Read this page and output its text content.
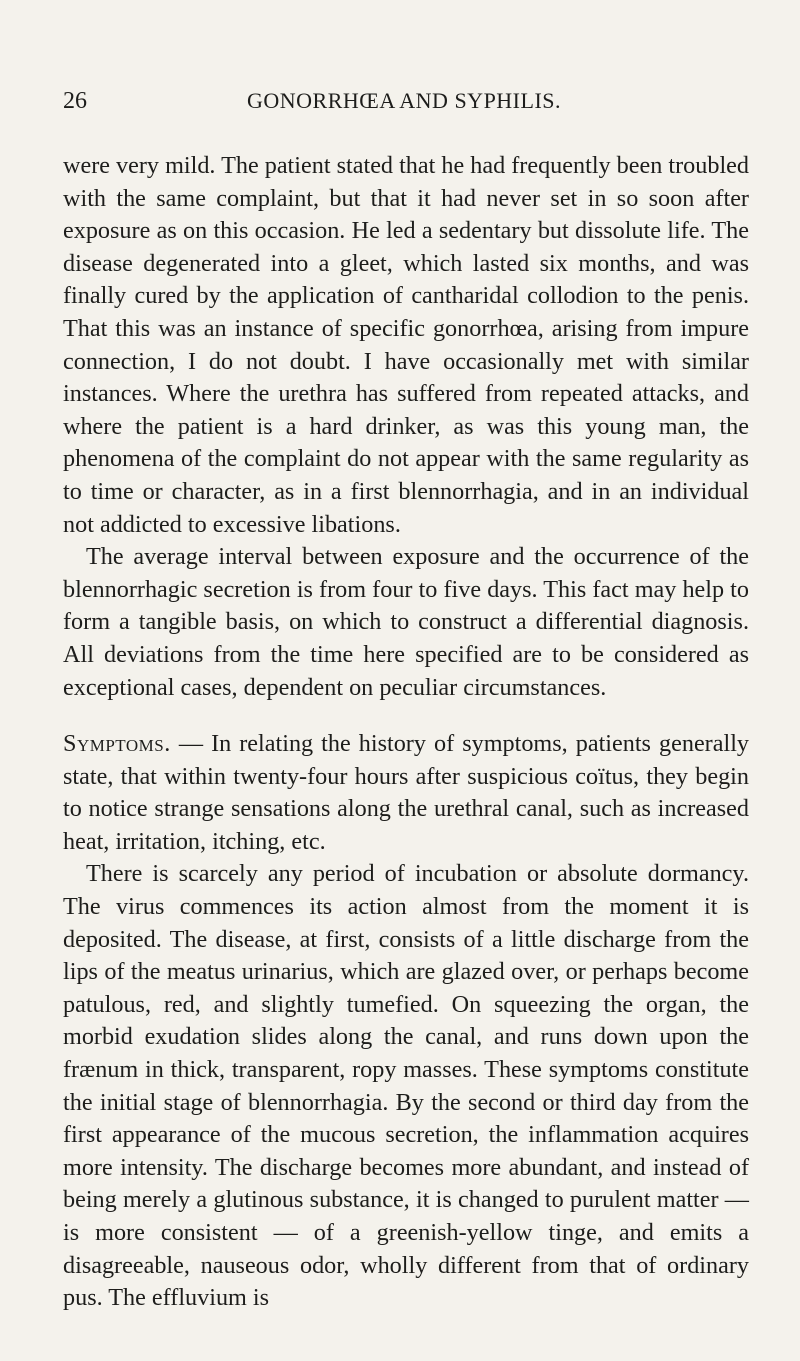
26	GONORRHŒA AND SYPHILIS.

were very mild. The patient stated that he had frequently been troubled with the same complaint, but that it had never set in so soon after exposure as on this occasion. He led a sedentary but dissolute life. The disease degenerated into a gleet, which lasted six months, and was finally cured by the application of cantharidal collodion to the penis. That this was an instance of specific gonorrhœa, arising from impure connection, I do not doubt. I have occasionally met with similar instances. Where the urethra has suffered from repeated attacks, and where the patient is a hard drinker, as was this young man, the phenomena of the complaint do not appear with the same regularity as to time or character, as in a first blennorrhagia, and in an individual not addicted to excessive libations.

The average interval between exposure and the occurrence of the blennorrhagic secretion is from four to five days. This fact may help to form a tangible basis, on which to construct a differential diagnosis. All deviations from the time here specified are to be considered as exceptional cases, dependent on peculiar circumstances.

Symptoms. — In relating the history of symptoms, patients generally state, that within twenty-four hours after suspicious coïtus, they begin to notice strange sensations along the urethral canal, such as increased heat, irritation, itching, etc.

There is scarcely any period of incubation or absolute dormancy. The virus commences its action almost from the moment it is deposited. The disease, at first, consists of a little discharge from the lips of the meatus urinarius, which are glazed over, or perhaps become patulous, red, and slightly tumefied. On squeezing the organ, the morbid exudation slides along the canal, and runs down upon the frænum in thick, transparent, ropy masses. These symptoms constitute the initial stage of blennorrhagia. By the second or third day from the first appearance of the mucous secretion, the inflammation acquires more intensity. The discharge becomes more abundant, and instead of being merely a glutinous substance, it is changed to purulent matter — is more consistent — of a greenish-yellow tinge, and emits a disagreeable, nauseous odor, wholly different from that of ordinary pus. The effluvium is
